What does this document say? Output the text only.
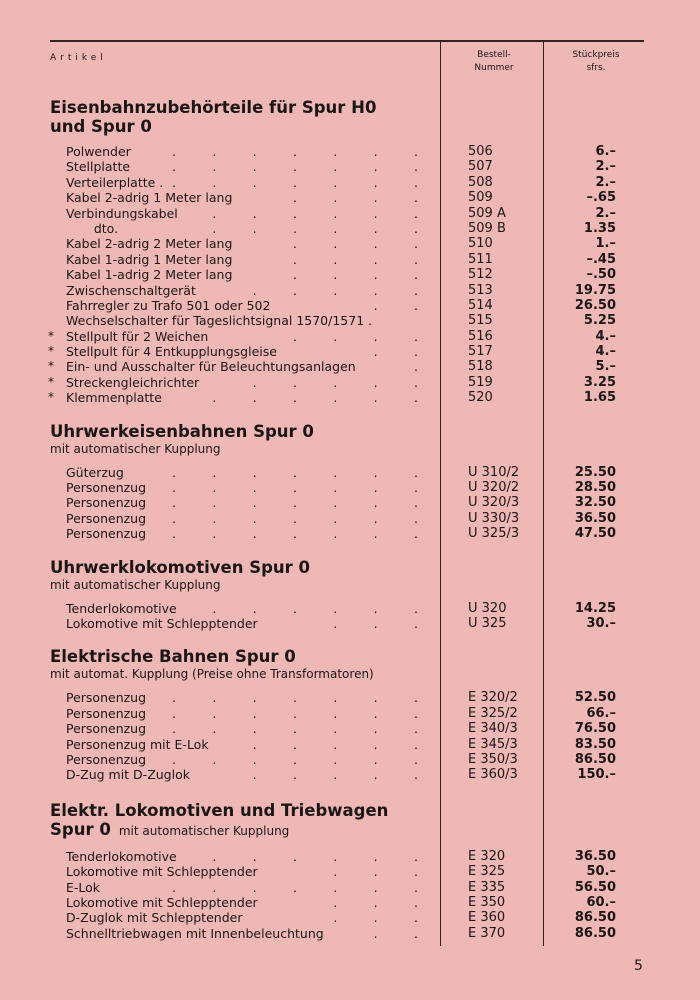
Artikel	Bestell-
Nummer
Stückpreis
sfrs.
Eisenbahnzubehörteile für Spur H0
und Spur 0
Polwender	.	.	.	.	.	.	.	506	6.–
Stellplatte	.	.	.	.	.	.	.	507	2.–
Verteilerplatte . .	.	.	.	.	.	.	508	2.–
Kabel 2-adrig 1 Meter lang	.	.	.	.	509	–.65
Verbindungskabel	.	.	.	.	.	.	509 A	2.–
dto.	.	.	.	.	.	.	509 B	1.35
Kabel 2-adrig 2 Meter lang	.	.	.	.	510	1.–
Kabel 1-adrig 1 Meter lang	.	.	.	.	511	–.45
Kabel 1-adrig 2 Meter lang	.	.	.	.	512	–.50
Zwischenschaltgerät	.	.	.	.	.	513	19.75
Fahrregler zu Trafo 501 oder 502	.	.	514	26.50
Wechselschalter für Tageslichtsignal 1570/1571 .	515	5.25
* Stellpult für 2 Weichen	.	.	.	.	516	4.–
* Stellpult für 4 Entkupplungsgleise	.	.	517	4.–
* Ein- und Ausschalter für Beleuchtungsanlagen	.	518	5.–
* Streckengleichrichter	.	.	.	.	.	519	3.25
* Klemmenplatte	.	.	.	.	.	.	520	1.65
Uhrwerkeisenbahnen Spur 0
mit automatischer Kupplung
Güterzug	.	.	.	.	.	.	.	U 310/2	25.50
Personenzug .	.	.	.	.	.	.	U 320/2	28.50
Personenzug .	.	.	.	.	.	.	U 320/3	32.50
Personenzug .	.	.	.	.	.	.	U 330/3	36.50
Personenzug .	.	.	.	.	.	.	U 325/3	47.50
Uhrwerklokomotiven Spur 0
mit automatischer Kupplung
Tenderlokomotive	.	.	.	.	.	.	U 320	14.25
Lokomotive mit Schlepptender	.	.	.	U 325	30.–
Elektrische Bahnen Spur 0
mit automat. Kupplung (Preise ohne Transformatoren)
Personenzug .	.	.	.	.	.	.	E 320/2	52.50
Personenzug .	.	.	.	.	.	.	E 325/2	66.–
Personenzug .	.	.	.	.	.	.	E 340/3	76.50
Personenzug mit E-Lok	.	.	.	.	.	E 345/3	83.50
Personenzug .	.	.	.	.	.	.	E 350/3	86.50
D-Zug mit D-Zuglok	.	.	.	.	.	E 360/3	150.–
Elektr. Lokomotiven und Triebwagen
Spur 0 mit automatischer Kupplung
Tenderlokomotive	.	.	.	.	.	.	E 320	36.50
Lokomotive mit Schlepptender	.	.	.	E 325	50.–
E-Lok	.	.	.	.	.	.	.	E 335	56.50
Lokomotive mit Schlepptender	.	.	.	E 350	60.–
D-Zuglok mit Schlepptender	.	.	.	E 360	86.50
Schnelltriebwagen mit Innenbeleuchtung	.	.	E 370	86.50
5
